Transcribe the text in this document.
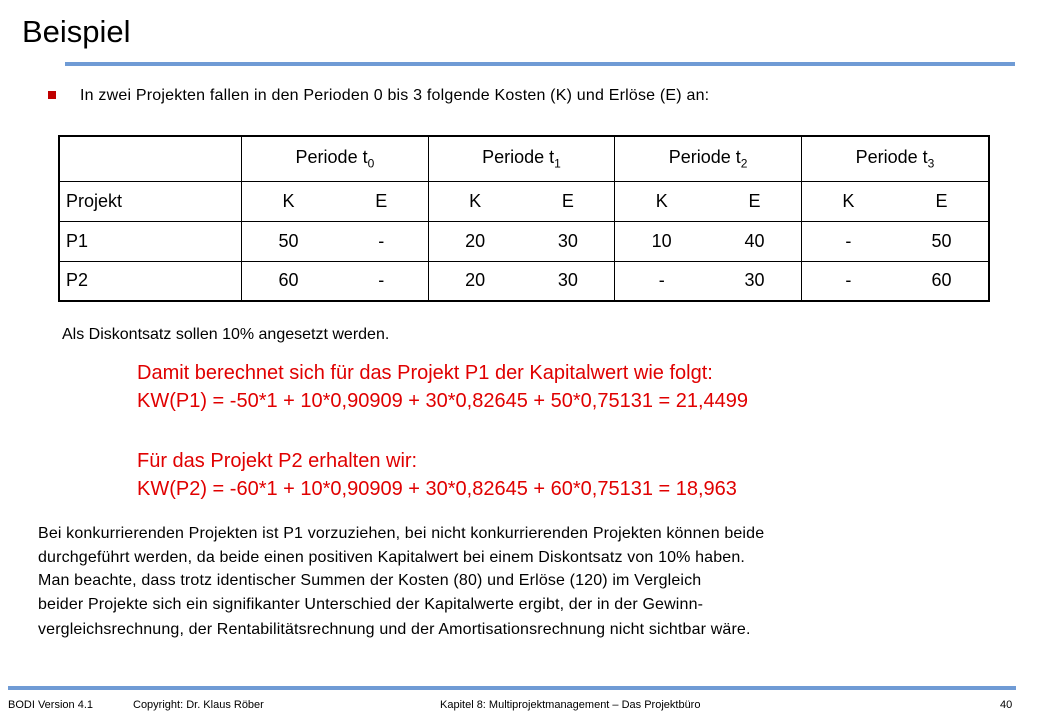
Beispiel
In zwei Projekten fallen in den Perioden 0 bis 3 folgende Kosten (K) und Erlöse (E) an:
	Periode $t_0$	Periode $t_1$	Periode $t_2$	Periode $t_3$
Projekt	K E	K E	K E	K E

P1	50 -	20 30	10 40	- 50

P2	60 -	20 30	- 30	- 60
Als Diskontsatz sollen 10% angesetzt werden.
Damit berechnet sich für das Projekt P1 der Kapitalwert wie folgt:
KW(P1) = -50*1 + 10*0,90909 + 30*0,82645 + 50*0,75131 = 21,4499
Für das Projekt P2 erhalten wir:
KW(P2) = -60*1 + 10*0,90909 + 30*0,82645 + 60*0,75131 = 18,963
Bei konkurrierenden Projekten ist P1 vorzuziehen, bei nicht konkurrierenden Projekten können beide
durchgeführt werden, da beide einen positiven Kapitalwert bei einem Diskontsatz von 10% haben.
Man beachte, dass trotz identischer Summen der Kosten (80) und Erlöse (120) im Vergleich
beider Projekte sich ein signifikanter Unterschied der Kapitalwerte ergibt, der in der Gewinn-
vergleichsrechnung, der Rentabilitätsrechnung und der Amortisationsrechnung nicht sichtbar wäre.
BODI Version 4.1	Copyright: Dr. Klaus Röber	Kapitel 8: Multiprojektmanagement – Das Projektbüro	40
